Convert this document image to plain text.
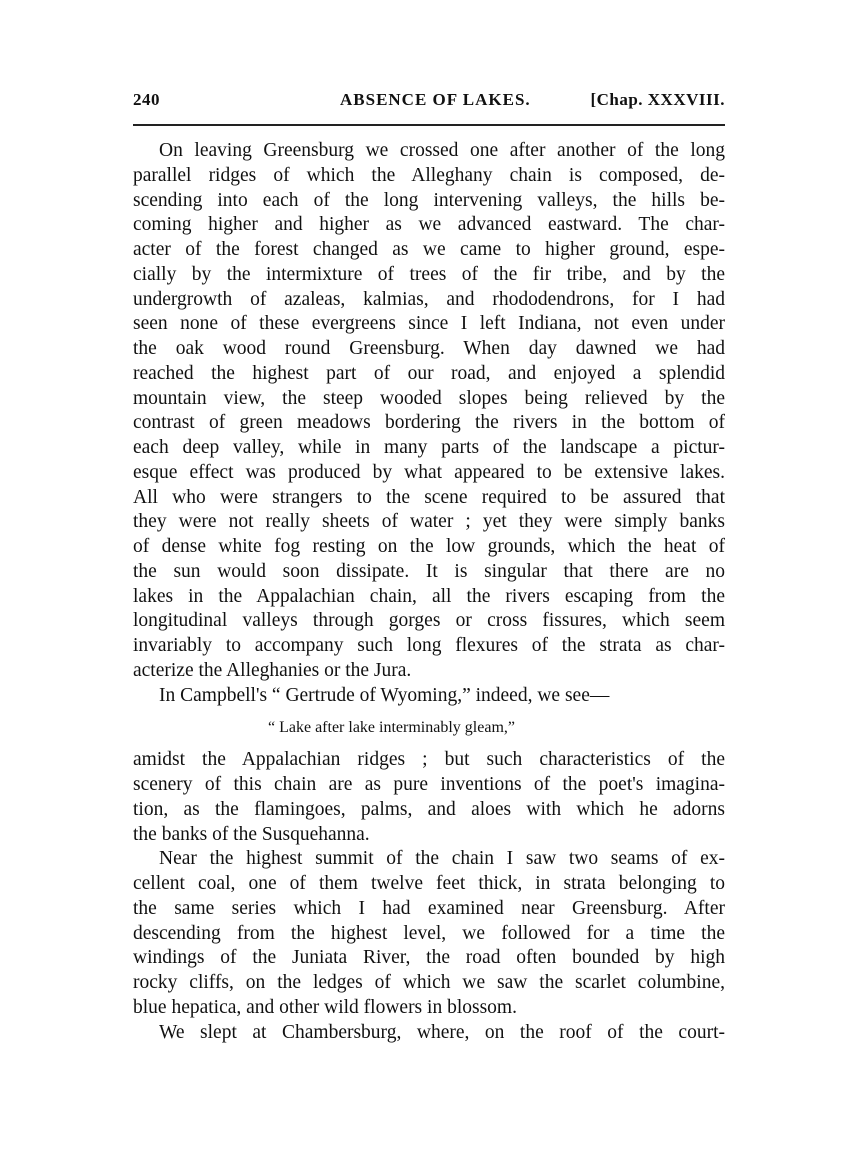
240	ABSENCE OF LAKES.	[Chap. XXXVIII.
On leaving Greensburg we crossed one after another of the long
parallel ridges of which the Alleghany chain is composed, de-
scending into each of the long intervening valleys, the hills be-
coming higher and higher as we advanced eastward. The char-
acter of the forest changed as we came to higher ground, espe-
cially by the intermixture of trees of the fir tribe, and by the
undergrowth of azaleas, kalmias, and rhododendrons, for I had
seen none of these evergreens since I left Indiana, not even under
the oak wood round Greensburg. When day dawned we had
reached the highest part of our road, and enjoyed a splendid
mountain view, the steep wooded slopes being relieved by the
contrast of green meadows bordering the rivers in the bottom of
each deep valley, while in many parts of the landscape a pictur-
esque effect was produced by what appeared to be extensive lakes.
All who were strangers to the scene required to be assured that
they were not really sheets of water ; yet they were simply banks
of dense white fog resting on the low grounds, which the heat of
the sun would soon dissipate. It is singular that there are no
lakes in the Appalachian chain, all the rivers escaping from the
longitudinal valleys through gorges or cross fissures, which seem
invariably to accompany such long flexures of the strata as char-
acterize the Alleghanies or the Jura.
In Campbell's “ Gertrude of Wyoming,” indeed, we see—
“ Lake after lake interminably gleam,”
amidst the Appalachian ridges ; but such characteristics of the
scenery of this chain are as pure inventions of the poet's imagina-
tion, as the flamingoes, palms, and aloes with which he adorns
the banks of the Susquehanna.
Near the highest summit of the chain I saw two seams of ex-
cellent coal, one of them twelve feet thick, in strata belonging to
the same series which I had examined near Greensburg. After
descending from the highest level, we followed for a time the
windings of the Juniata River, the road often bounded by high
rocky cliffs, on the ledges of which we saw the scarlet columbine,
blue hepatica, and other wild flowers in blossom.
We slept at Chambersburg, where, on the roof of the court-
